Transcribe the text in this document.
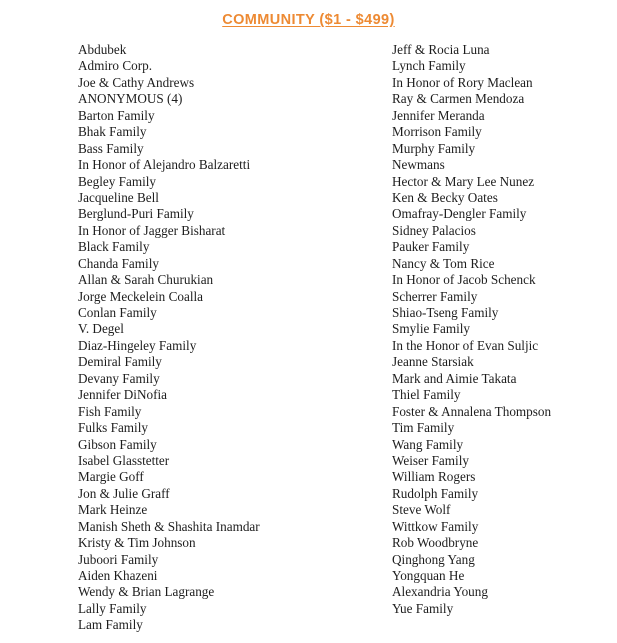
COMMUNITY ($1 - $499)
Abdubek
Admiro Corp.
Joe & Cathy Andrews
ANONYMOUS (4)
Barton Family
Bhak Family
Bass Family
In Honor of Alejandro Balzaretti
Begley Family
Jacqueline Bell
Berglund-Puri Family
In Honor of Jagger Bisharat
Black Family
Chanda Family
Allan & Sarah Churukian
Jorge Meckelein Coalla
Conlan Family
V. Degel
Diaz-Hingeley Family
Demiral Family
Devany Family
Jennifer DiNofia
Fish Family
Fulks Family
Gibson Family
Isabel Glasstetter
Margie Goff
Jon & Julie Graff
Mark Heinze
Manish Sheth & Shashita Inamdar
Kristy & Tim Johnson
Juboori Family
Aiden Khazeni
Wendy & Brian Lagrange
Lally Family
Lam Family
Jeff & Rocia Luna
Lynch Family
In Honor of Rory Maclean
Ray & Carmen Mendoza
Jennifer Meranda
Morrison Family
Murphy Family
Newmans
Hector & Mary Lee Nunez
Ken & Becky Oates
Omafray-Dengler Family
Sidney Palacios
Pauker Family
Nancy & Tom Rice
In Honor of Jacob Schenck
Scherrer Family
Shiao-Tseng Family
Smylie Family
In the Honor of Evan Suljic
Jeanne Starsiak
Mark and Aimie Takata
Thiel Family
Foster & Annalena Thompson
Tim Family
Wang Family
Weiser Family
William Rogers
Rudolph Family
Steve Wolf
Wittkow Family
Rob Woodbryne
Qinghong Yang
Yongquan He
Alexandria Young
Yue Family
